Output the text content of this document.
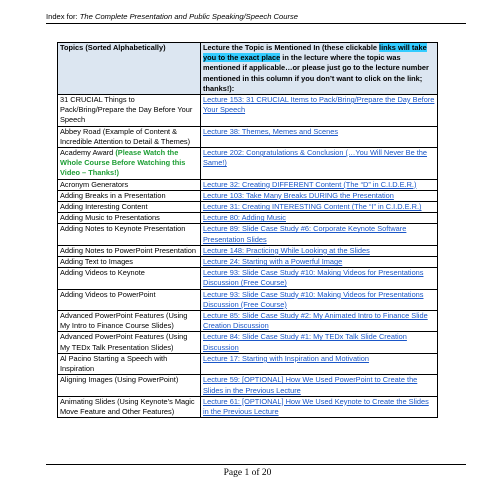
Index for: The Complete Presentation and Public Speaking/Speech Course
Topics (Sorted Alphabetically)	Lecture the Topic is Mentioned In (these clickable links will take you to the exact place in the lecture where the topic was mentioned if applicable…or please just go to the lecture number mentioned in this column if you don’t want to click on the link; thanks!):
31 CRUCIAL Things to Pack/Bring/Prepare the Day Before Your Speech	Lecture 153: 31 CRUCIAL Items to Pack/Bring/Prepare the Day Before Your Speech
Abbey Road (Example of Content & Incredible Attention to Detail & Themes)	Lecture 38: Themes, Memes and Scenes
Academy Award (Please Watch the Whole Course Before Watching this Video – Thanks!)	Lecture 202: Congratulations & Conclusion (…You Will Never Be the Same!)
Acronym Generators	Lecture 32: Creating DIFFERENT Content (The “D” in C.I.D.E.R.)
Adding Breaks in a Presentation	Lecture 103: Take Many Breaks DURING the Presentation
Adding Interesting Content	Lecture 31: Creating INTERESTING Content (The “I” in C.I.D.E.R.)
Adding Music to Presentations	Lecture 80: Adding Music
Adding Notes to Keynote Presentation	Lecture 89: Slide Case Study #6: Corporate Keynote Software Presentation Slides
Adding Notes to PowerPoint Presentation	Lecture 148: Practicing While Looking at the Slides
Adding Text to Images	Lecture 24: Starting with a Powerful Image
Adding Videos to Keynote	Lecture 93: Slide Case Study #10: Making Videos for Presentations Discussion (Free Course)
Adding Videos to PowerPoint	Lecture 93: Slide Case Study #10: Making Videos for Presentations Discussion (Free Course)
Advanced PowerPoint Features (Using My Intro to Finance Course Slides)	Lecture 85: Slide Case Study #2: My Animated Intro to Finance Slide Creation Discussion
Advanced PowerPoint Features (Using My TEDx Talk Presentation Slides)	Lecture 84: Slide Case Study #1: My TEDx Talk Slide Creation Discussion
Al Pacino Starting a Speech with Inspiration	Lecture 17: Starting with Inspiration and Motivation
Aligning Images (Using PowerPoint)	Lecture 59: [OPTIONAL] How We Used PowerPoint to Create the Slides in the Previous Lecture
Animating Slides (Using Keynote’s Magic Move Feature and Other Features)	Lecture 61: [OPTIONAL] How We Used Keynote to Create the Slides in the Previous Lecture
Page 1 of 20
